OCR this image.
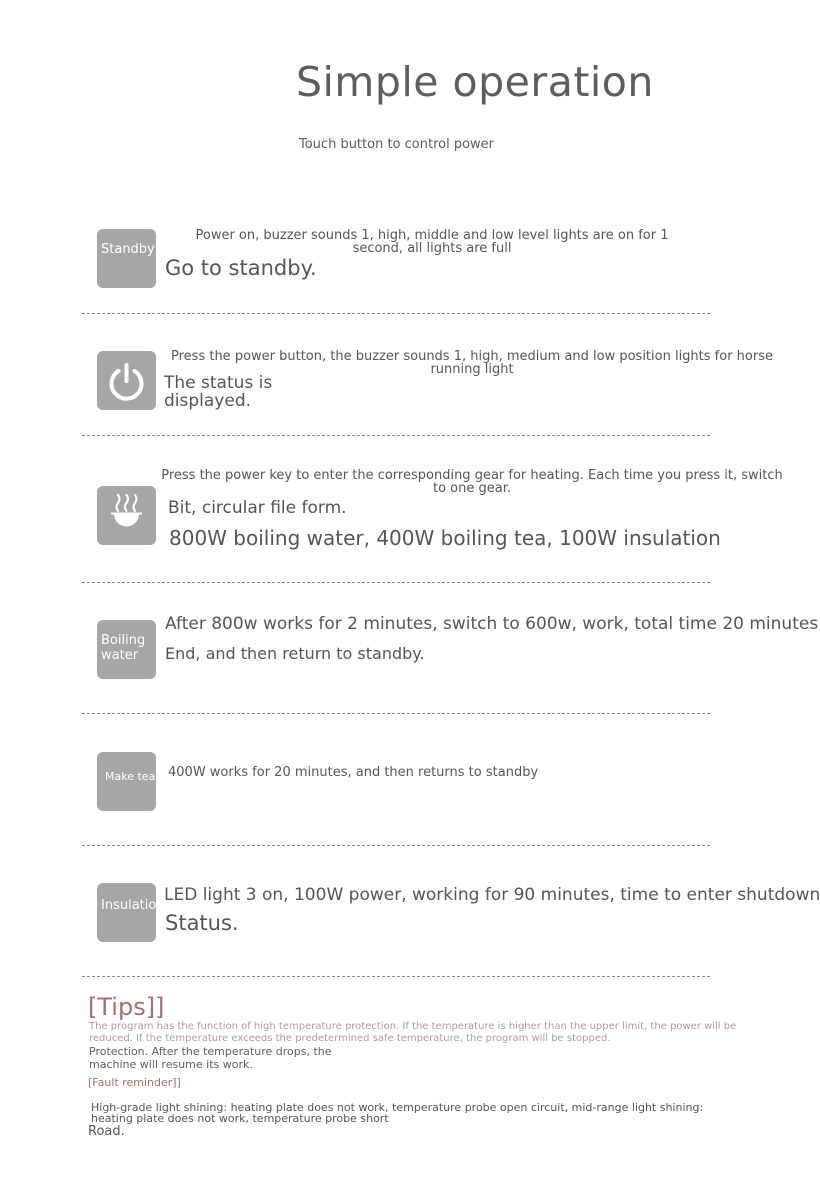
Simple operation
Touch button to control power
Standby
Power on, buzzer sounds 1, high, middle and low level lights are on for 1 second, all lights are full
Go to standby.
Press the power button, the buzzer sounds 1, high, medium and low position lights for horse running light
The status is displayed.
Press the power key to enter the corresponding gear for heating. Each time you press it, switch to one gear.
Bit, circular file form.
800W boiling water, 400W boiling tea, 100W insulation
Boiling water
After 800w works for 2 minutes, switch to 600w, work, total time 20 minutes
End, and then return to standby.
Make tea 400W works for 20 minutes, and then returns to standby
Insulation
LED light 3 on, 100W power, working for 90 minutes, time to enter shutdown
Status.
[Tips]]
The program has the function of high temperature protection. If the temperature is higher than the upper limit, the power will be reduced. If the temperature exceeds the predetermined safe temperature, the program will be stopped.
Protection. After the temperature drops, the machine will resume its work.
[Fault reminder]]
High-grade light shining: heating plate does not work, temperature probe open circuit, mid-range light shining: heating plate does not work, temperature probe short
Road.
